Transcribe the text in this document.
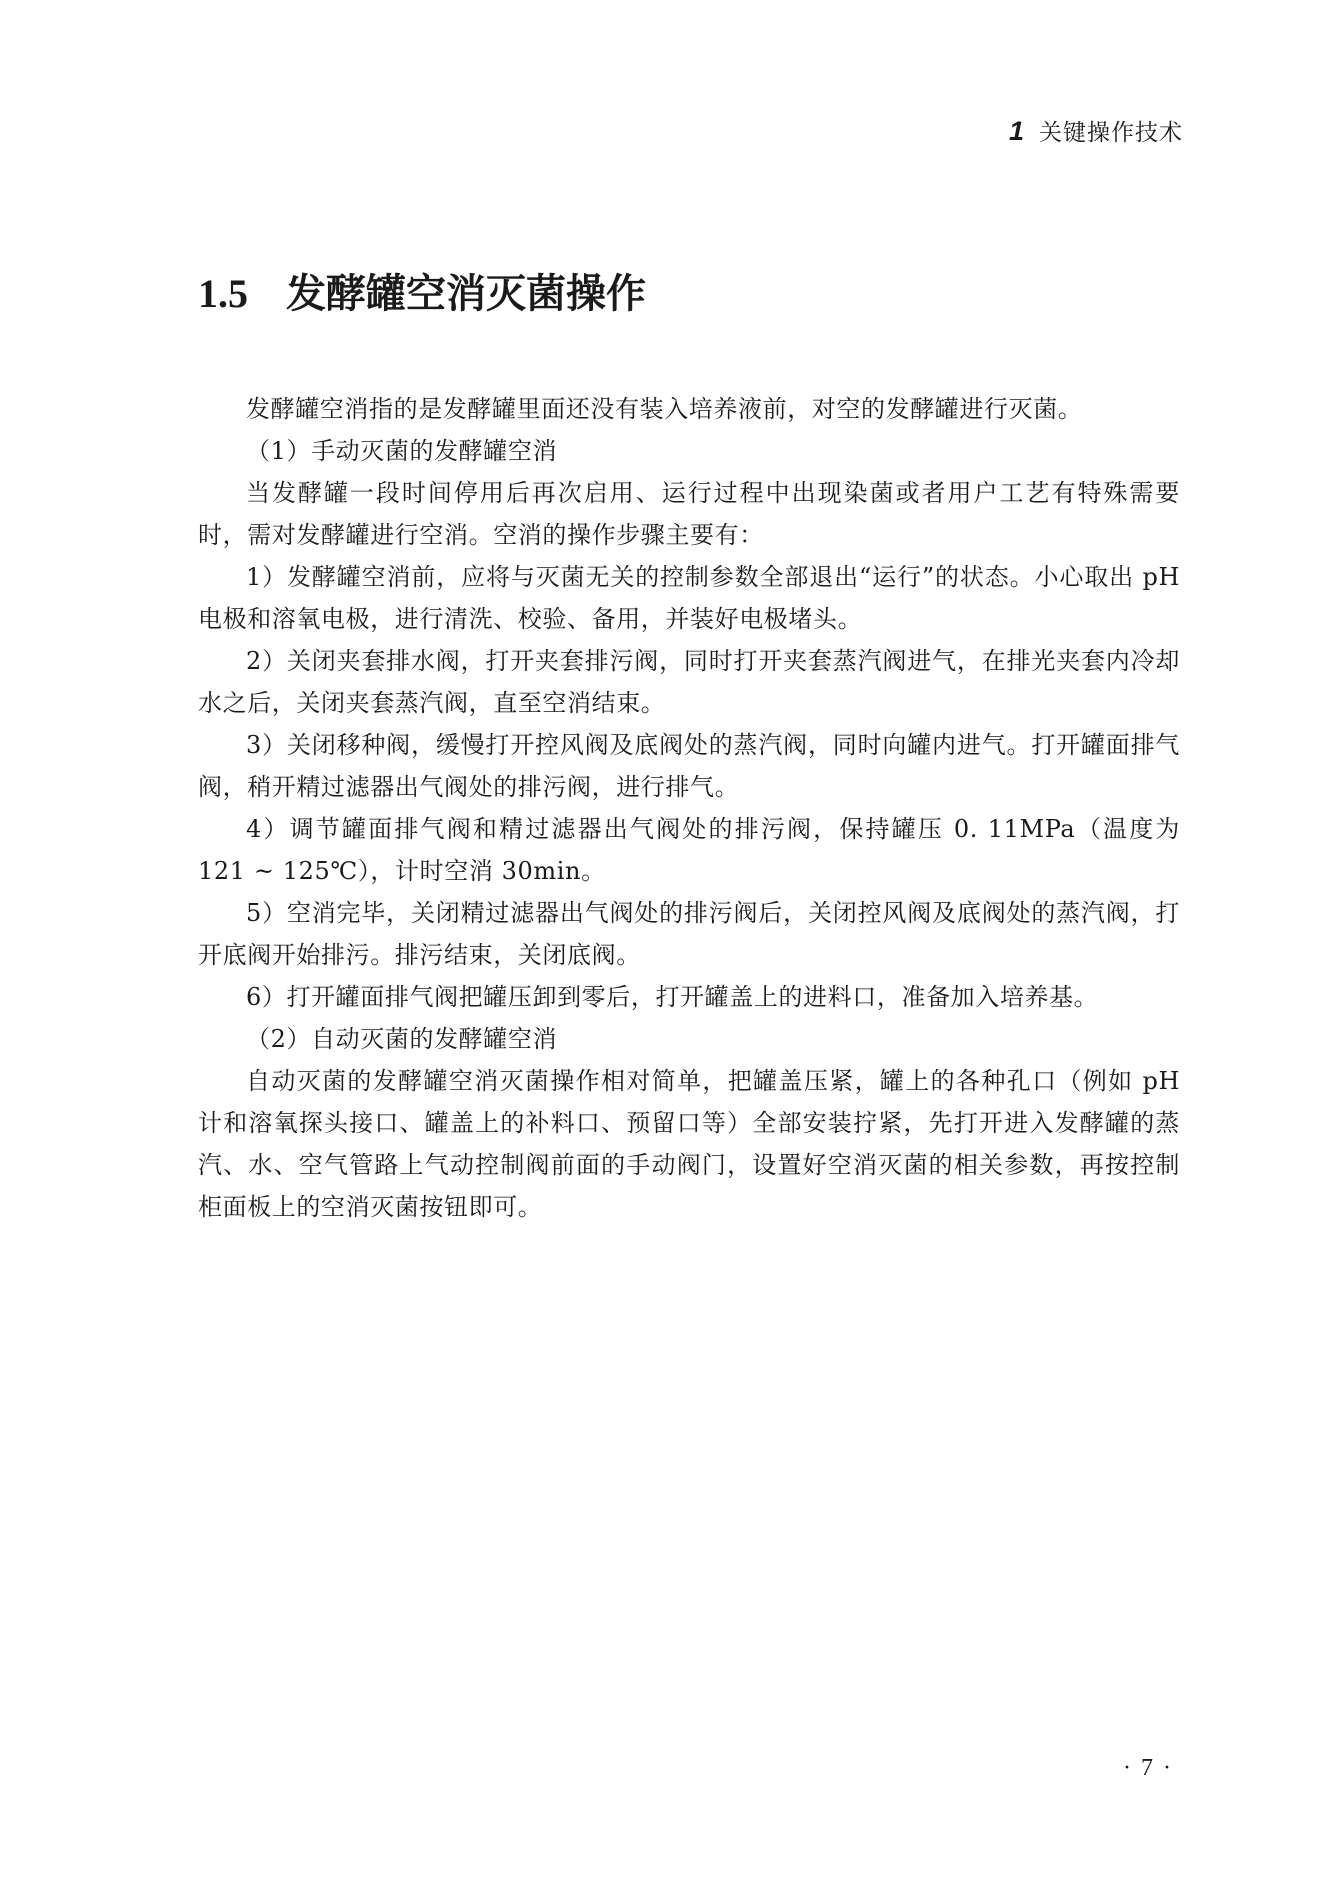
1 关键操作技术
1.5 发酵罐空消灭菌操作

发酵罐空消指的是发酵罐里面还没有装入培养液前，对空的发酵罐进行灭菌。

（1）手动灭菌的发酵罐空消

当发酵罐一段时间停用后再次启用、运行过程中出现染菌或者用户工艺有特殊需要时，需对发酵罐进行空消。空消的操作步骤主要有：

1）发酵罐空消前，应将与灭菌无关的控制参数全部退出“运行”的状态。小心取出 pH 电极和溶氧电极，进行清洗、校验、备用，并装好电极堵头。

2）关闭夹套排水阀，打开夹套排污阀，同时打开夹套蒸汽阀进气，在排光夹套内冷却水之后，关闭夹套蒸汽阀，直至空消结束。

3）关闭移种阀，缓慢打开控风阀及底阀处的蒸汽阀，同时向罐内进气。打开罐面排气阀，稍开精过滤器出气阀处的排污阀，进行排气。

4）调节罐面排气阀和精过滤器出气阀处的排污阀，保持罐压 0. 11MPa（温度为 121 ~ 125℃），计时空消 30min。

5）空消完毕，关闭精过滤器出气阀处的排污阀后，关闭控风阀及底阀处的蒸汽阀，打开底阀开始排污。排污结束，关闭底阀。

6）打开罐面排气阀把罐压卸到零后，打开罐盖上的进料口，准备加入培养基。

（2）自动灭菌的发酵罐空消

自动灭菌的发酵罐空消灭菌操作相对简单，把罐盖压紧，罐上的各种孔口（例如 pH 计和溶氧探头接口、罐盖上的补料口、预留口等）全部安装拧紧，先打开进入发酵罐的蒸汽、水、空气管路上气动控制阀前面的手动阀门，设置好空消灭菌的相关参数，再按控制柜面板上的空消灭菌按钮即可。

· 7 ·
